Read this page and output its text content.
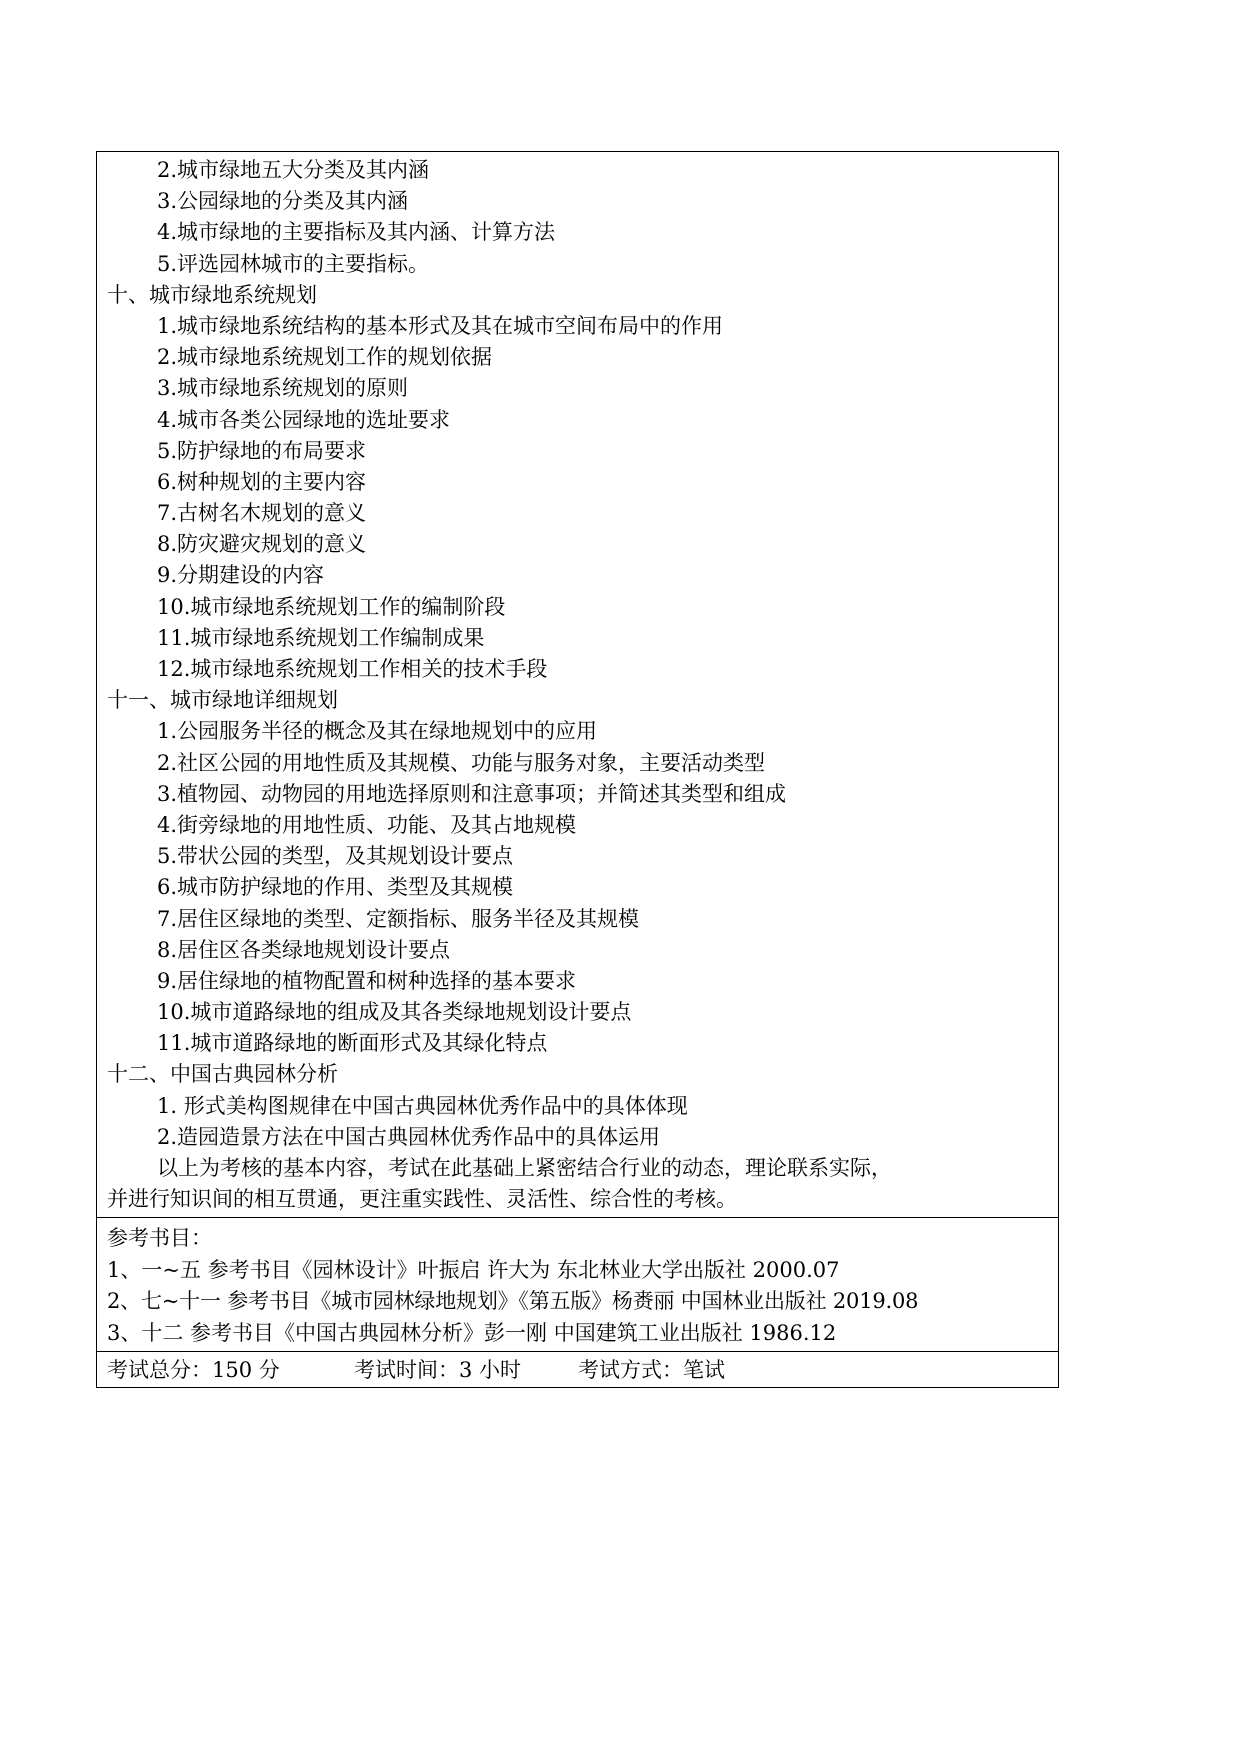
2.城市绿地五大分类及其内涵
3.公园绿地的分类及其内涵
4.城市绿地的主要指标及其内涵、计算方法
5.评选园林城市的主要指标。
十、城市绿地系统规划
1.城市绿地系统结构的基本形式及其在城市空间布局中的作用
2.城市绿地系统规划工作的规划依据
3.城市绿地系统规划的原则
4.城市各类公园绿地的选址要求
5.防护绿地的布局要求
6.树种规划的主要内容
7.古树名木规划的意义
8.防灾避灾规划的意义
9.分期建设的内容
10.城市绿地系统规划工作的编制阶段
11.城市绿地系统规划工作编制成果
12.城市绿地系统规划工作相关的技术手段
十一、城市绿地详细规划
1.公园服务半径的概念及其在绿地规划中的应用
2.社区公园的用地性质及其规模、功能与服务对象，主要活动类型
3.植物园、动物园的用地选择原则和注意事项；并简述其类型和组成
4.街旁绿地的用地性质、功能、及其占地规模
5.带状公园的类型，及其规划设计要点
6.城市防护绿地的作用、类型及其规模
7.居住区绿地的类型、定额指标、服务半径及其规模
8.居住区各类绿地规划设计要点
9.居住绿地的植物配置和树种选择的基本要求
10.城市道路绿地的组成及其各类绿地规划设计要点
11.城市道路绿地的断面形式及其绿化特点
十二、中国古典园林分析
1. 形式美构图规律在中国古典园林优秀作品中的具体体现
2.造园造景方法在中国古典园林优秀作品中的具体运用
以上为考核的基本内容，考试在此基础上紧密结合行业的动态，理论联系实际，
并进行知识间的相互贯通，更注重实践性、灵活性、综合性的考核。
参考书目：
1、一~五 参考书目《园林设计》叶振启 许大为 东北林业大学出版社 2000.07
2、七~十一 参考书目《城市园林绿地规划》《第五版》杨赉丽 中国林业出版社 2019.08
3、十二 参考书目《中国古典园林分析》彭一刚 中国建筑工业出版社 1986.12
考试总分：150 分	考试时间：3 小时	考试方式：笔试
